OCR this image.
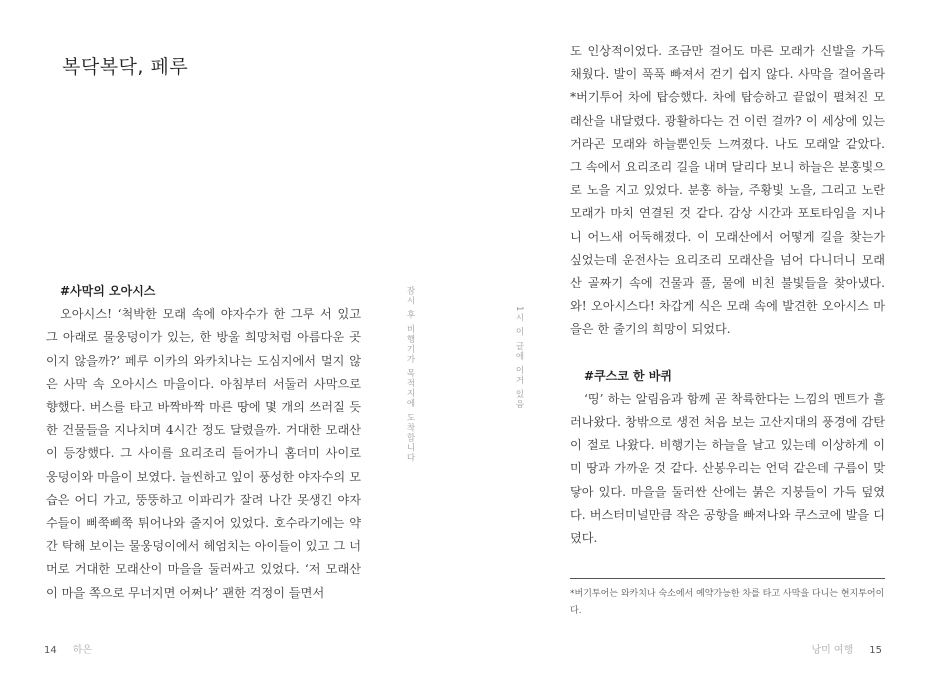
복닥복닥, 페루

#사막의 오아시스

오아시스! ‘척박한 모래 속에 야자수가 한 그루 서 있고 그 아래로 물웅덩이가 있는, 한 방울 희망처럼 아름다운 곳이지 않을까?’ 페루 이카의 와카치나는 도심지에서 멀지 않은 사막 속 오아시스 마을이다. 아침부터 서둘러 사막으로 향했다. 버스를 타고 바짝바짝 마른 땅에 몇 개의 쓰러질 듯한 건물들을 지나치며 4시간 정도 달렸을까. 거대한 모래산이 등장했다. 그 사이를 요리조리 들어가니 홈더미 사이로 웅덩이와 마을이 보였다. 늘씬하고 잎이 풍성한 야자수의 모습은 어디 가고, 뚱뚱하고 이파리가 잘려 나간 못생긴 야자수들이 삐쭉삐쭉 튀어나와 줄지어 있었다. 호수라기에는 약간 탁해 보이는 물웅덩이에서 헤엄치는 아이들이 있고 그 너머로 거대한 모래산이 마을을 둘러싸고 있었다. ‘저 모래산이 마을 쪽으로 무너지면 어쩌나’ 괜한 걱정이 들면서

잠시 후 비행기가 목적지에 도착합니다
14 하은
1시 이 글에 이거 있음

도 인상적이었다. 조금만 걸어도 마른 모래가 신발을 가득 채웠다. 발이 푹푹 빠져서 걷기 쉽지 않다. 사막을 걸어올라 *버기투어 차에 탑승했다. 차에 탑승하고 끝없이 펼쳐진 모래산을 내달렸다. 광활하다는 건 이런 걸까? 이 세상에 있는 거라곤 모래와 하늘뿐인듯 느껴졌다. 나도 모래알 같았다. 그 속에서 요리조리 길을 내며 달리다 보니 하늘은 분홍빛으로 노을 지고 있었다. 분홍 하늘, 주황빛 노을, 그리고 노란 모래가 마치 연결된 것 같다. 감상 시간과 포토타임을 지나니 어느새 어둑해졌다. 이 모래산에서 어떻게 길을 찾는가 싶었는데 운전사는 요리조리 모래산을 넘어 다니더니 모래산 골짜기 속에 건물과 풀, 물에 비친 불빛들을 찾아냈다. 와! 오아시스다! 차갑게 식은 모래 속에 발견한 오아시스 마을은 한 줄기의 희망이 되었다.

#쿠스코 한 바퀴

‘띵’ 하는 알림음과 함께 곧 착륙한다는 느낌의 멘트가 흘러나왔다. 창밖으로 생전 처음 보는 고산지대의 풍경에 감탄이 절로 나왔다. 비행기는 하늘을 날고 있는데 이상하게 이미 땅과 가까운 것 같다. 산봉우리는 언덕 같은데 구름이 맞닿아 있다. 마을을 둘러싼 산에는 붉은 지붕들이 가득 덮였다. 버스터미널만큼 작은 공항을 빠져나와 쿠스코에 발을 디뎠다.

*버기투어는 와카치나 숙소에서 예약가능한 차를 타고 사막을 다니는 현지투어이다.
낭미 여행 15
